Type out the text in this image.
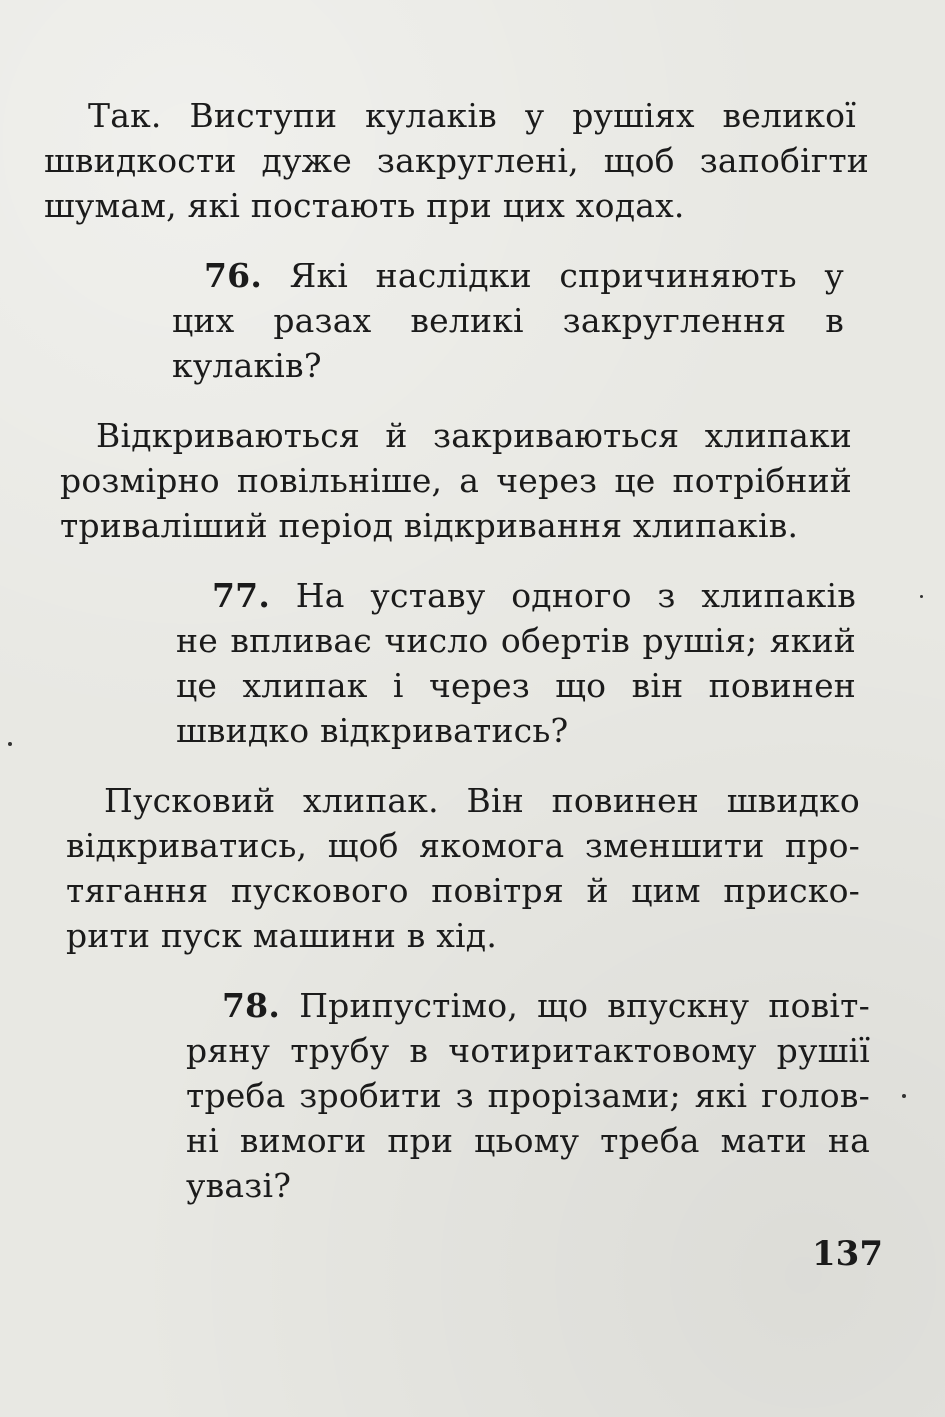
Так. Виступи кулаків у рушіях великої
швидкости дуже закруглені, щоб запобігти
шумам, які постають при цих ходах.
76. Які наслідки спричиняють у
цих разах великі закруглення в
кулаків?
Відкриваються й закриваються хлипаки
розмірно повільніше, а через це потрібний
триваліший період відкривання хлипаків.
77. На уставу одного з хлипаків
не впливає число обертів рушія; який
це хлипак і через що він повинен
швидко відкриватись?
Пусковий хлипак. Він повинен швидко
відкриватись, щоб якомога зменшити про-
тягання пускового повітря й цим приско-
рити пуск машини в хід.
78. Припустімо, що впускну повіт-
ряну трубу в чотиритактовому рушії
треба зробити з прорізами; які голов-
ні вимоги при цьому треба мати на
увазі?
137
